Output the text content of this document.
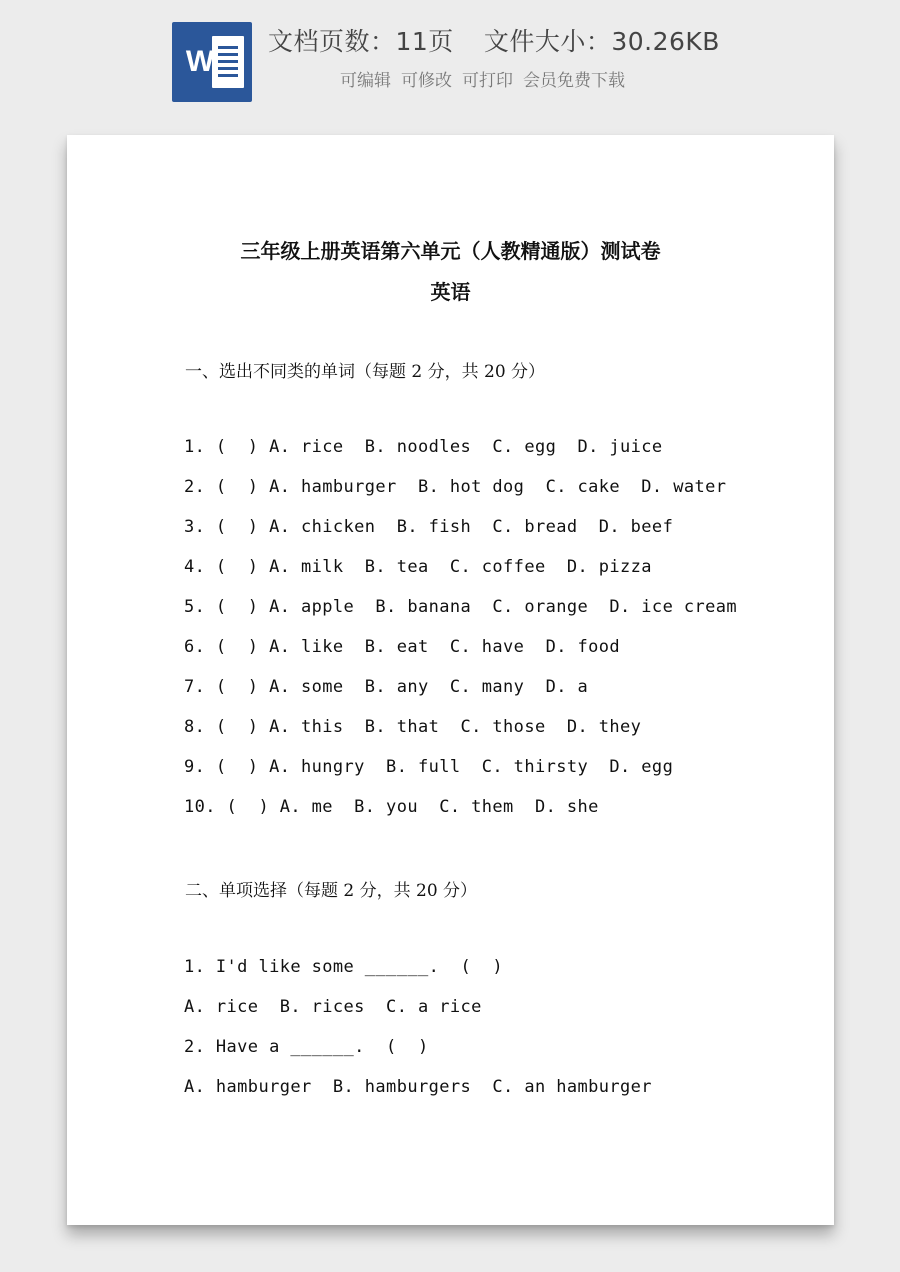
W
文档页数：11页 文件大小：30.26KB
可编辑 可修改 可打印 会员免费下载
三年级上册英语第六单元（人教精通版）测试卷
英语
一、选出不同类的单词（每题 2 分，共 20 分）
1. (  ) A. rice  B. noodles  C. egg  D. juice
2. (  ) A. hamburger  B. hot dog  C. cake  D. water
3. (  ) A. chicken  B. fish  C. bread  D. beef
4. (  ) A. milk  B. tea  C. coffee  D. pizza
5. (  ) A. apple  B. banana  C. orange  D. ice cream
6. (  ) A. like  B. eat  C. have  D. food
7. (  ) A. some  B. any  C. many  D. a
8. (  ) A. this  B. that  C. those  D. they
9. (  ) A. hungry  B. full  C. thirsty  D. egg
10. (  ) A. me  B. you  C. them  D. she
二、单项选择（每题 2 分，共 20 分）
1. I'd like some ______.  (  )
A. rice  B. rices  C. a rice
2. Have a ______.  (  )
A. hamburger  B. hamburgers  C. an hamburger
